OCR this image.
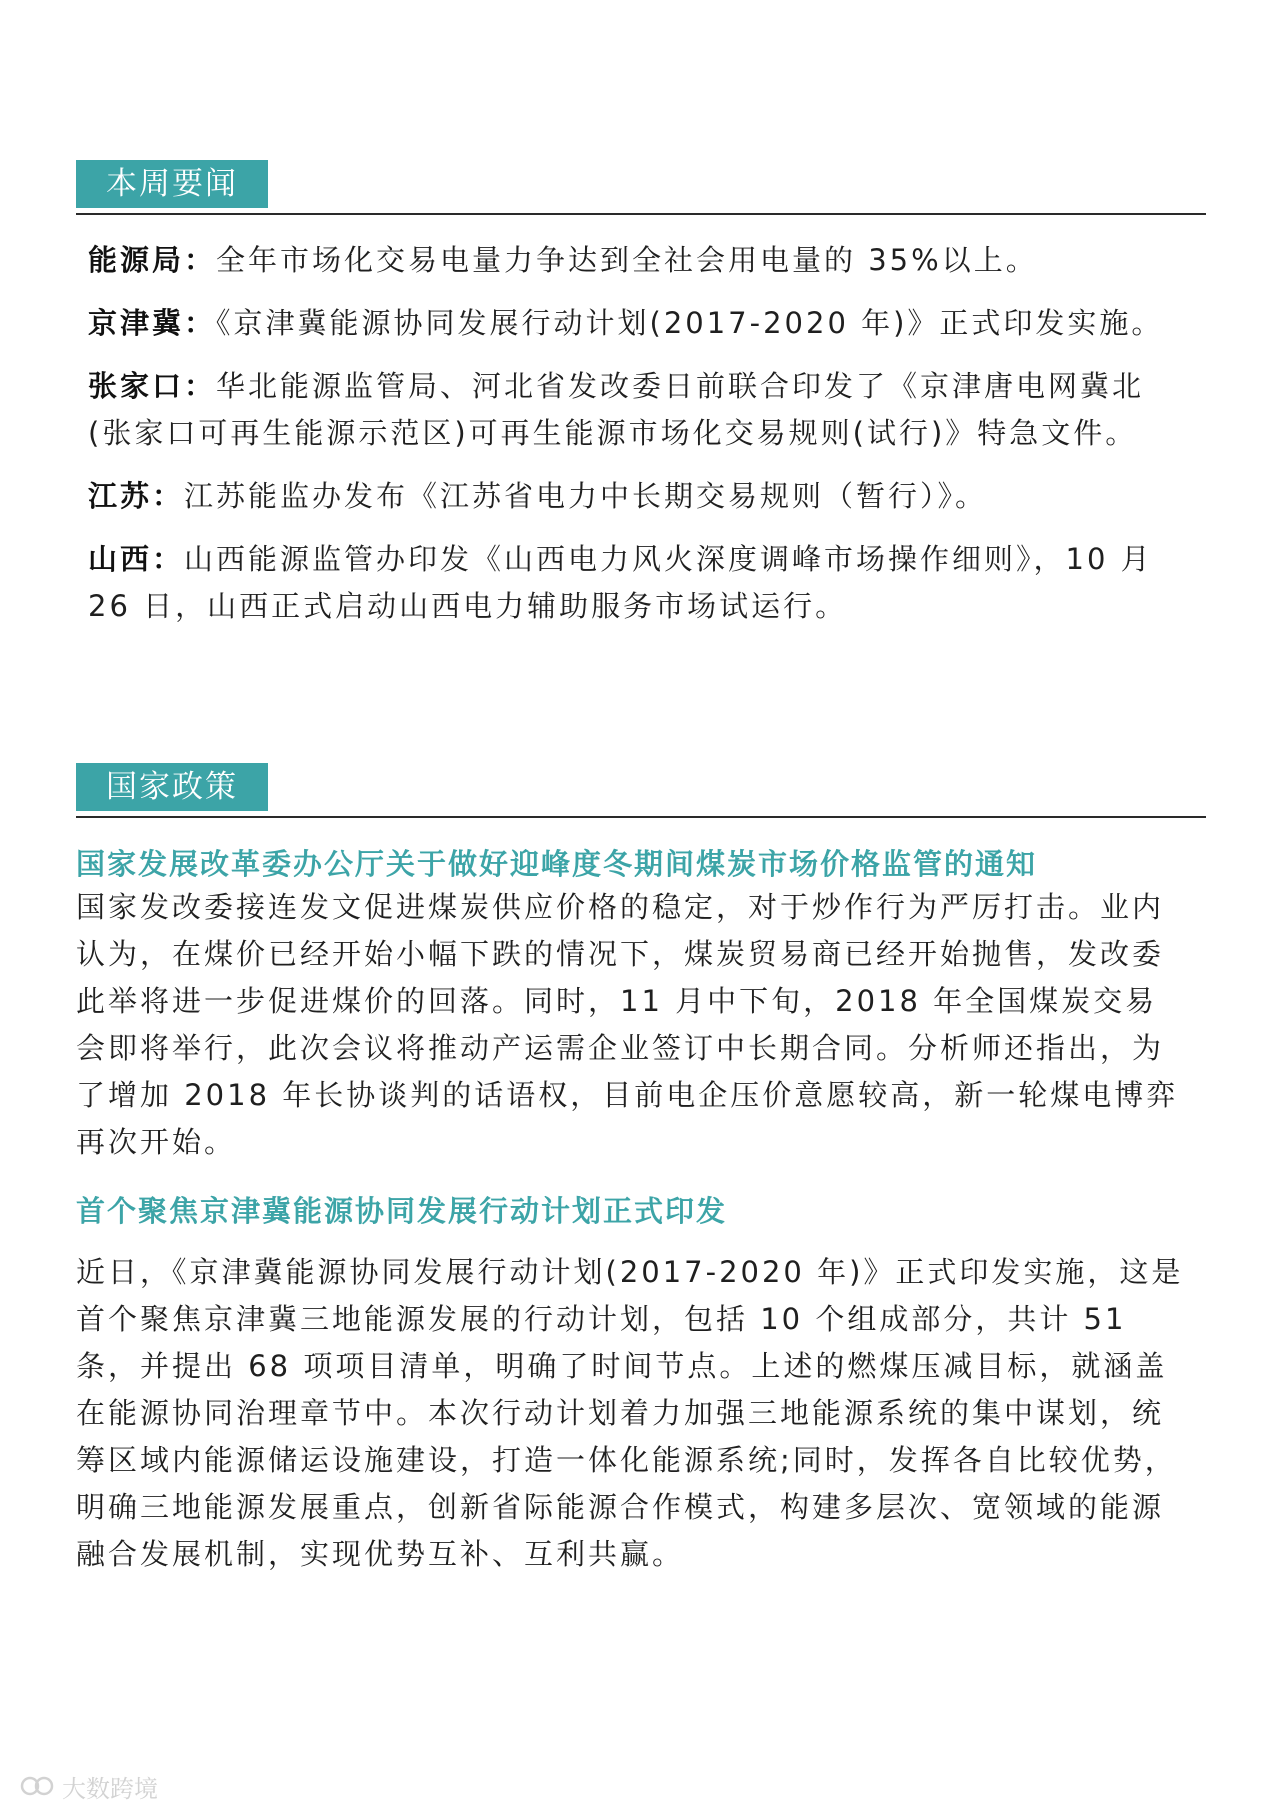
本周要闻
能源局：全年市场化交易电量力争达到全社会用电量的 35%以上。
京津冀：《京津冀能源协同发展行动计划(2017-2020 年)》正式印发实施。
张家口：华北能源监管局、河北省发改委日前联合印发了《京津唐电网冀北(张家口可再生能源示范区)可再生能源市场化交易规则(试行)》特急文件。
江苏：江苏能监办发布《江苏省电力中长期交易规则（暂行）》。
山西：山西能源监管办印发《山西电力风火深度调峰市场操作细则》，10 月 26 日，山西正式启动山西电力辅助服务市场试运行。
国家政策
国家发展改革委办公厅关于做好迎峰度冬期间煤炭市场价格监管的通知

国家发改委接连发文促进煤炭供应价格的稳定，对于炒作行为严厉打击。业内认为，在煤价已经开始小幅下跌的情况下，煤炭贸易商已经开始抛售，发改委此举将进一步促进煤价的回落。同时，11 月中下旬，2018 年全国煤炭交易会即将举行，此次会议将推动产运需企业签订中长期合同。分析师还指出，为了增加 2018 年长协谈判的话语权，目前电企压价意愿较高，新一轮煤电博弈再次开始。

首个聚焦京津冀能源协同发展行动计划正式印发

近日，《京津冀能源协同发展行动计划(2017-2020 年)》正式印发实施，这是首个聚焦京津冀三地能源发展的行动计划，包括 10 个组成部分，共计 51 条，并提出 68 项项目清单，明确了时间节点。上述的燃煤压减目标，就涵盖在能源协同治理章节中。本次行动计划着力加强三地能源系统的集中谋划，统筹区域内能源储运设施建设，打造一体化能源系统;同时，发挥各自比较优势，明确三地能源发展重点，创新省际能源合作模式，构建多层次、宽领域的能源融合发展机制，实现优势互补、互利共赢。

大数跨境
